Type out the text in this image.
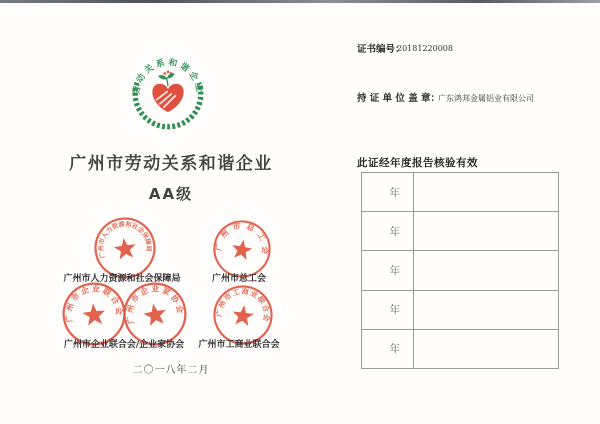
劳动关系和谐企业
广州市劳动关系和谐企业
AA级
广州市人力资源和社会保障局	广州市总工会
广州市人力资源和社会保障局	广州市总工会
广州市企业联合会
广州市企业家协会	广州市工商业联合会
广州市企业联合会/企业家协会	广州市工商业联合会
二〇一八年二月
证书编号：
20181220008
持 证 单 位 盖 章：
广东鸿邦金属铝业有限公司
此证经年度报告核验有效
年
年
年
年
年
